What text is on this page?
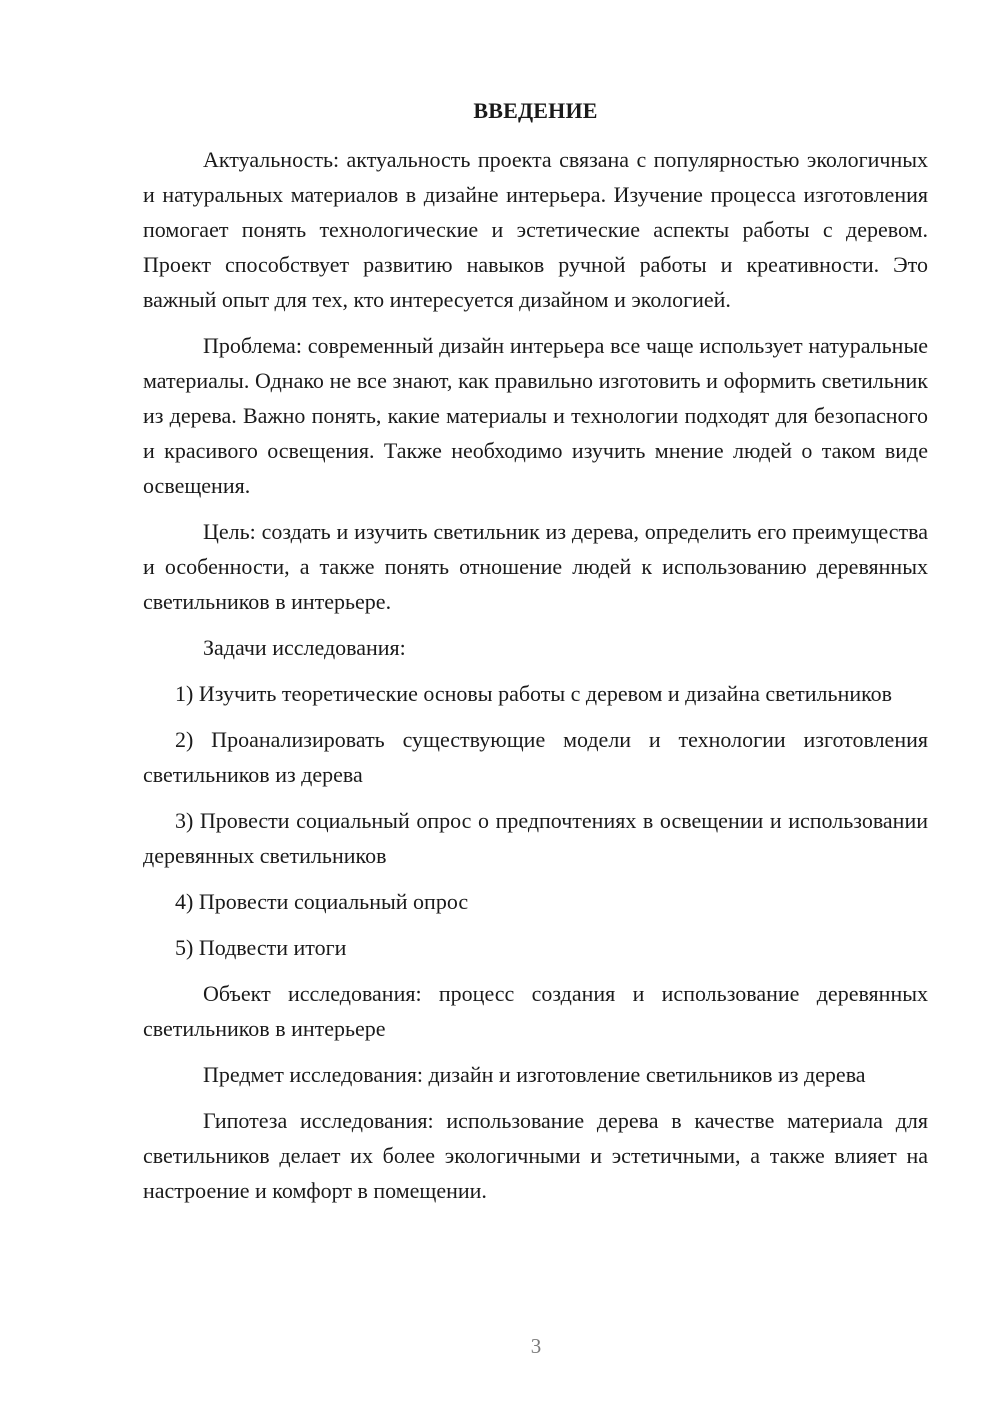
ВВЕДЕНИЕ

Актуальность: актуальность проекта связана с популярностью экологичных и натуральных материалов в дизайне интерьера. Изучение процесса изготовления помогает понять технологические и эстетические аспекты работы с деревом. Проект способствует развитию навыков ручной работы и креативности. Это важный опыт для тех, кто интересуется дизайном и экологией.

Проблема: современный дизайн интерьера все чаще использует натуральные материалы. Однако не все знают, как правильно изготовить и оформить светильник из дерева. Важно понять, какие материалы и технологии подходят для безопасного и красивого освещения. Также необходимо изучить мнение людей о таком виде освещения.

Цель: создать и изучить светильник из дерева, определить его преимущества и особенности, а также понять отношение людей к использованию деревянных светильников в интерьере.

Задачи исследования:

1) Изучить теоретические основы работы с деревом и дизайна светильников

2) Проанализировать существующие модели и технологии изготовления светильников из дерева

3) Провести социальный опрос о предпочтениях в освещении и использовании деревянных светильников

4) Провести социальный опрос

5) Подвести итоги

Объект исследования: процесс создания и использование деревянных светильников в интерьере

Предмет исследования: дизайн и изготовление светильников из дерева

Гипотеза исследования: использование дерева в качестве материала для светильников делает их более экологичными и эстетичными, а также влияет на настроение и комфорт в помещении.

3
